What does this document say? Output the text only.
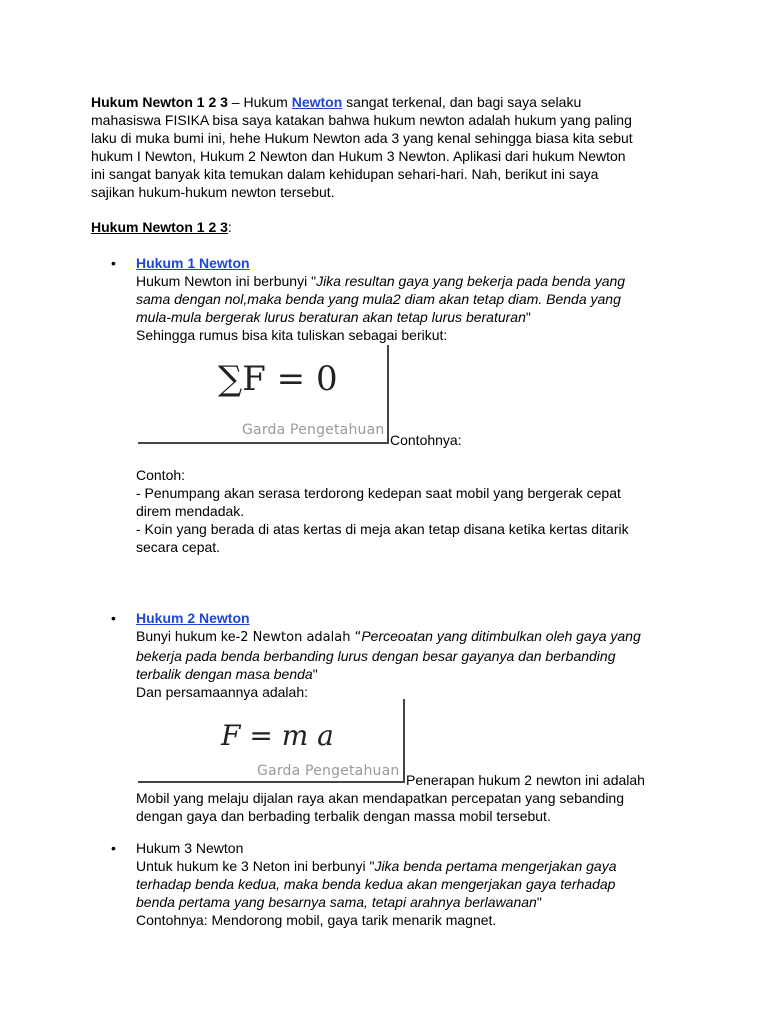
Hukum Newton 1 2 3 – Hukum Newton sangat terkenal, dan bagi saya selaku

mahasiswa FISIKA bisa saya katakan bahwa hukum newton adalah hukum yang paling

laku di muka bumi ini, hehe Hukum Newton ada 3 yang kenal sehingga biasa kita sebut

hukum I Newton, Hukum 2 Newton dan Hukum 3 Newton. Aplikasi dari hukum Newton

ini sangat banyak kita temukan dalam kehidupan sehari-hari. Nah, berikut ini saya

sajikan hukum-hukum newton tersebut.

Hukum Newton 1 2 3:

• Hukum 1 Newton

Hukum Newton ini berbunyi "Jika resultan gaya yang bekerja pada benda yang

sama dengan nol,maka benda yang mula2 diam akan tetap diam. Benda yang

mula-mula bergerak lurus beraturan akan tetap lurus beraturan"

Sehingga rumus bisa kita tuliskan sebagai berikut:

∑F = 0
Garda Pengetahuan
Contohnya:

Contoh:

- Penumpang akan serasa terdorong kedepan saat mobil yang bergerak cepat

direm mendadak.

- Koin yang berada di atas kertas di meja akan tetap disana ketika kertas ditarik

secara cepat.

• Hukum 2 Newton

Bunyi hukum ke-2 Newton adalah “Perceoatan yang ditimbulkan oleh gaya yang

bekerja pada benda berbanding lurus dengan besar gayanya dan berbanding

terbalik dengan masa benda"

Dan persamaannya adalah:

F = m a
Garda Pengetahuan
Penerapan hukum 2 newton ini adalah

Mobil yang melaju dijalan raya akan mendapatkan percepatan yang sebanding

dengan gaya dan berbading terbalik dengan massa mobil tersebut.

• Hukum 3 Newton

Untuk hukum ke 3 Neton ini berbunyi "Jika benda pertama mengerjakan gaya

terhadap benda kedua, maka benda kedua akan mengerjakan gaya terhadap

benda pertama yang besarnya sama, tetapi arahnya berlawanan"

Contohnya: Mendorong mobil, gaya tarik menarik magnet.
